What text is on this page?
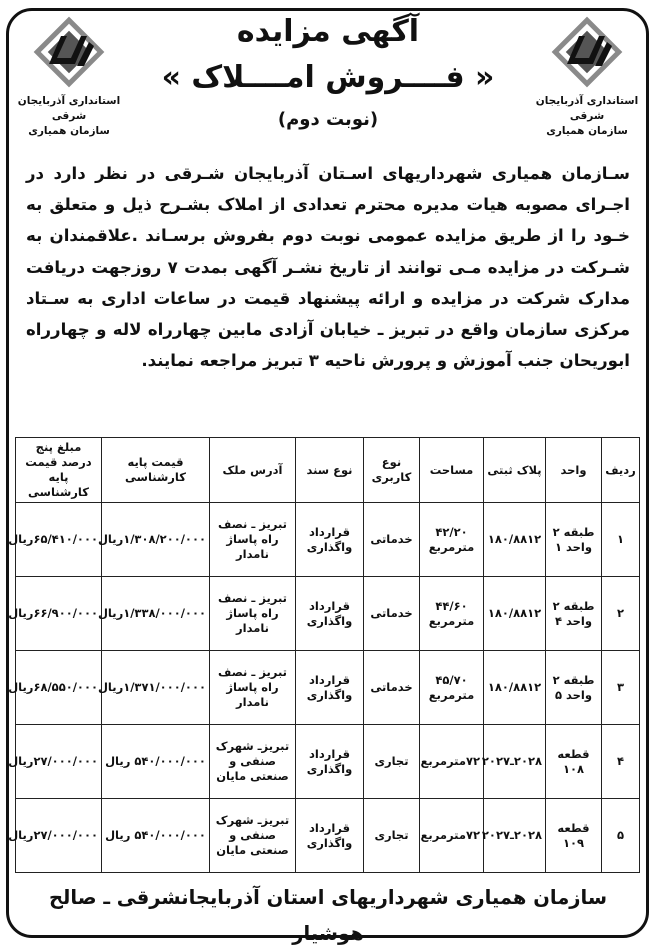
استانداری آذربایجان شرقی
سازمان همیاری
استانداری آذربایجان شرقی
سازمان همیاری
آگهی مزایده
« فــــروش امــــلاک »
(نوبت دوم)
سـازمان همیاری شهرداریهای اسـتان آذربایجان شـرقی در نظر دارد در اجـرای مصوبه هیات مدیره محترم تعدادی از املاک بشـرح ذیل و متعلق به خـود را از طریق مزایده عمومی نوبت دوم بفروش برسـاند .علاقمندان به شـرکت در مزایده مـی توانند از تاریخ نشـر آگهی بمدت ۷ روزجهت دریافت مدارک شرکت در مزایده و ارائه پیشنهاد قیمت در ساعات اداری به سـتاد مرکزی سازمان واقع در تبریز ـ خیابان آزادی مابین چهارراه لاله و چهارراه ابوریحان جنب آموزش و پرورش ناحیه ۳ تبریز مراجعه نمایند.
ردیف	واحد	پلاک ثبتی	مساحت	نوع کاربری	نوع سند	آدرس ملک	قیمت پایه کارشناسی	مبلغ پنج درصد قیمت پایه کارشناسی
۱	طبقه ۲ واحد ۱	۱۸۰/۸۸۱۲	۴۲/۲۰ مترمربع	خدماتی	قرارداد واگذاری	تبریز ـ نصف راه پاساژ نامدار	۱/۳۰۸/۲۰۰/۰۰۰ریال	۶۵/۴۱۰/۰۰۰ریال
۲	طبقه ۲ واحد ۴	۱۸۰/۸۸۱۲	۴۴/۶۰ مترمربع	خدماتی	قرارداد واگذاری	تبریز ـ نصف راه پاساژ نامدار	۱/۳۳۸/۰۰۰/۰۰۰ریال	۶۶/۹۰۰/۰۰۰ریال
۳	طبقه ۲ واحد ۵	۱۸۰/۸۸۱۲	۴۵/۷۰ مترمربع	خدماتی	قرارداد واگذاری	تبریز ـ نصف راه پاساژ نامدار	۱/۳۷۱/۰۰۰/۰۰۰ریال	۶۸/۵۵۰/۰۰۰ریال
۴	قطعه ۱۰۸	۲۰۲۸ـ۲۰۲۷	۷۲مترمربع	تجاری	قرارداد واگذاری	تبریزـ شهرک صنفی و صنعتی مایان	۵۴۰/۰۰۰/۰۰۰ ریال	۲۷/۰۰۰/۰۰۰ریال
۵	قطعه ۱۰۹	۲۰۲۸ـ۲۰۲۷	۷۲مترمربع	تجاری	قرارداد واگذاری	تبریزـ شهرک صنفی و صنعتی مایان	۵۴۰/۰۰۰/۰۰۰ ریال	۲۷/۰۰۰/۰۰۰ریال
سازمان همیاری شهرداریهای استان آذربایجانشرقی ـ صالح هوشیار
